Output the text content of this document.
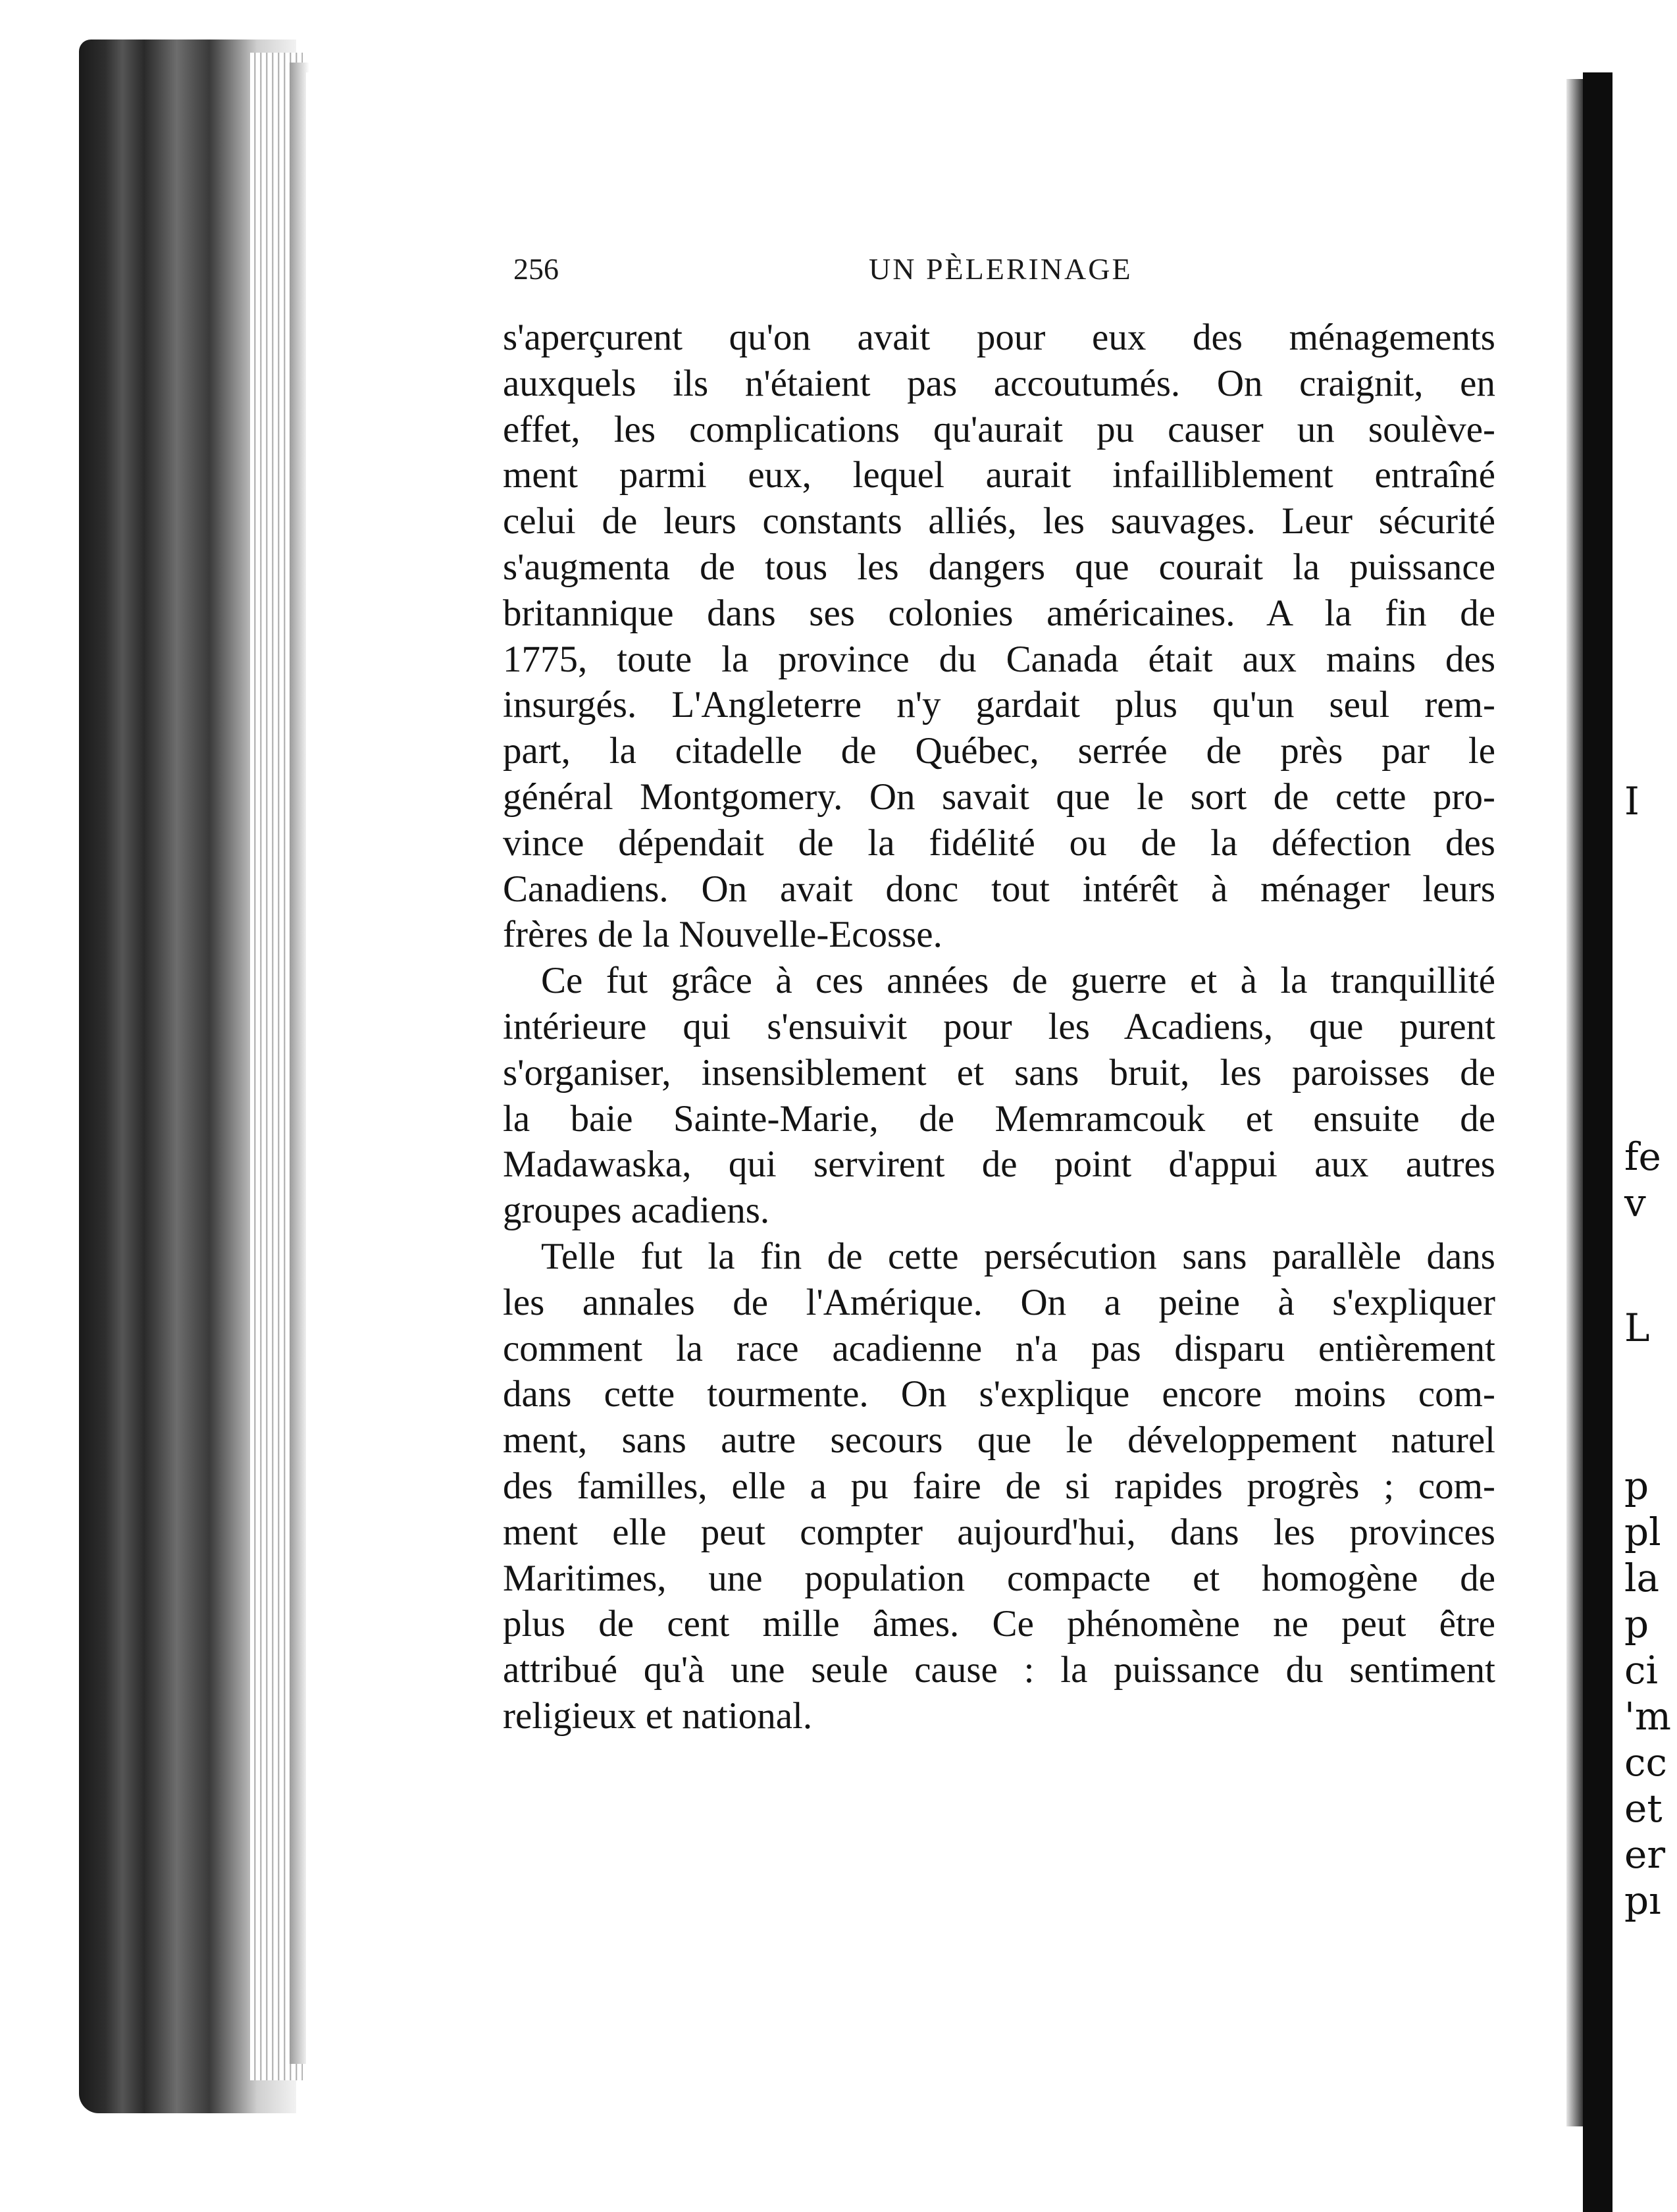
I
fe
v
L
p
pl
la
p
ci
'm
cc
et
er
pı
256	UN PÈLERINAGE
s'aperçurent qu'on avait pour eux des ménagements
auxquels ils n'étaient pas accoutumés. On craignit, en
effet, les complications qu'aurait pu causer un soulève-
ment parmi eux, lequel aurait infailliblement entraîné
celui de leurs constants alliés, les sauvages. Leur sécurité
s'augmenta de tous les dangers que courait la puissance
britannique dans ses colonies américaines. A la fin de
1775, toute la province du Canada était aux mains des
insurgés. L'Angleterre n'y gardait plus qu'un seul rem-
part, la citadelle de Québec, serrée de près par le
général Montgomery. On savait que le sort de cette pro-
vince dépendait de la fidélité ou de la défection des
Canadiens. On avait donc tout intérêt à ménager leurs
frères de la Nouvelle-Ecosse.
Ce fut grâce à ces années de guerre et à la tranquillité
intérieure qui s'ensuivit pour les Acadiens, que purent
s'organiser, insensiblement et sans bruit, les paroisses de
la baie Sainte-Marie, de Memramcouk et ensuite de
Madawaska, qui servirent de point d'appui aux autres
groupes acadiens.
Telle fut la fin de cette persécution sans parallèle dans
les annales de l'Amérique. On a peine à s'expliquer
comment la race acadienne n'a pas disparu entièrement
dans cette tourmente. On s'explique encore moins com-
ment, sans autre secours que le développement naturel
des familles, elle a pu faire de si rapides progrès ; com-
ment elle peut compter aujourd'hui, dans les provinces
Maritimes, une population compacte et homogène de
plus de cent mille âmes. Ce phénomène ne peut être
attribué qu'à une seule cause : la puissance du sentiment
religieux et national.
